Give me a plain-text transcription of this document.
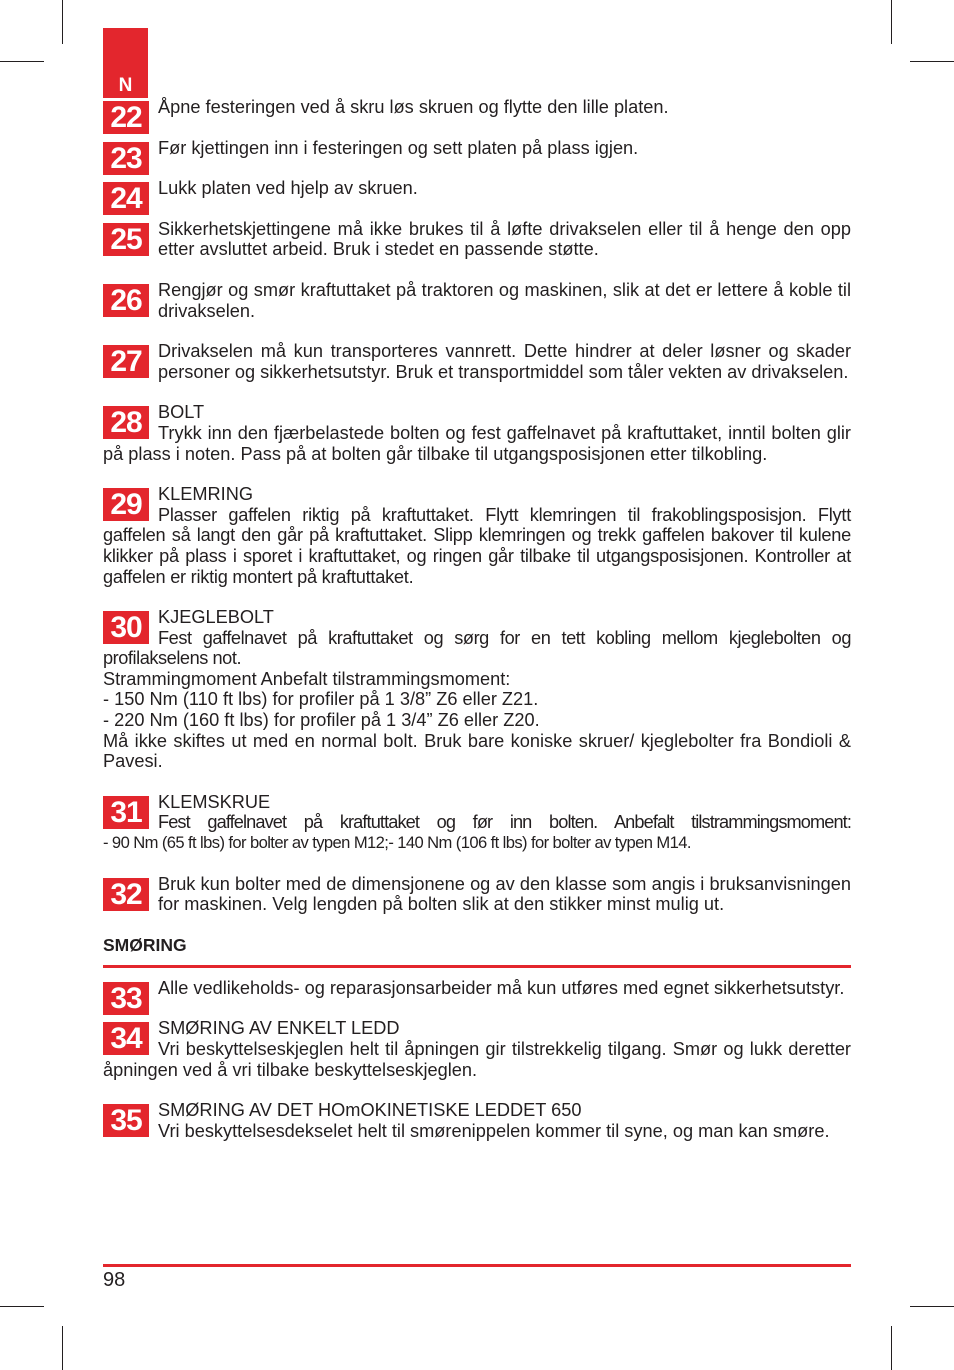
N
22 Åpne festeringen ved å skru løs skruen og flytte den lille platen.

23 Før kjettingen inn i festeringen og sett platen på plass igjen.

24 Lukk platen ved hjelp av skruen.

25 Sikkerhetskjettingene må ikke brukes til å løfte drivakselen eller til å henge den opp etter avsluttet arbeid. Bruk i stedet en passende støtte.

26 Rengjør og smør kraftuttaket på traktoren og maskinen, slik at det er lettere å koble til drivakselen.

27 Drivakselen må kun transporteres vannrett. Dette hindrer at deler løsner og skader personer og sikkerhetsutstyr. Bruk et transportmiddel som tåler vekten av drivakselen.

28 BOLT

Trykk inn den fjærbelastede bolten og fest gaffelnavet på kraftuttaket, inntil bolten glir på plass i noten. Pass på at bolten går tilbake til utgangsposisjonen etter tilkobling.

29 KLEMRING

Plasser gaffelen riktig på kraftuttaket. Flytt klemringen til frakoblingsposisjon. Flytt gaffelen så langt den går på kraftuttaket. Slipp klemringen og trekk gaffelen bakover til kulene klikker på plass i sporet i kraftuttaket, og ringen går tilbake til utgangsposisjonen. Kontroller at gaffelen er riktig montert på kraftuttaket.

30 KJEGLEBOLT

Fest gaffelnavet på kraftuttaket og sørg for en tett kobling mellom kjeglebolten og profilakselens not.

Strammingmoment Anbefalt tilstrammingsmoment:

- 150 Nm (110 ft lbs) for profiler på 1 3/8” Z6 eller Z21.

- 220 Nm (160 ft lbs) for profiler på 1 3/4” Z6 eller Z20.

Må ikke skiftes ut med en normal bolt. Bruk bare koniske skruer/ kjeglebolter fra Bondioli & Pavesi.

31 KLEMSKRUE

Fest gaffelnavet på kraftuttaket og før inn bolten. Anbefalt tilstrammingsmoment:

- 90 Nm (65 ft lbs) for bolter av typen M12;- 140 Nm (106 ft lbs) for bolter av typen M14.

32 Bruk kun bolter med de dimensjonene og av den klasse som angis i bruksanvisningen for maskinen. Velg lengden på bolten slik at den stikker minst mulig ut.

SMØRING
33 Alle vedlikeholds- og reparasjonsarbeider må kun utføres med egnet sikkerhetsutstyr.

34 SMØRING AV ENKELT LEDD

Vri beskyttelseskjeglen helt til åpningen gir tilstrekkelig tilgang. Smør og lukk deretter åpningen ved å vri tilbake beskyttelseskjeglen.

35 SMØRING AV DET HOmOKINETISKE LEDDET 650

Vri beskyttelsesdekselet helt til smørenippelen kommer til syne, og man kan smøre.

98
